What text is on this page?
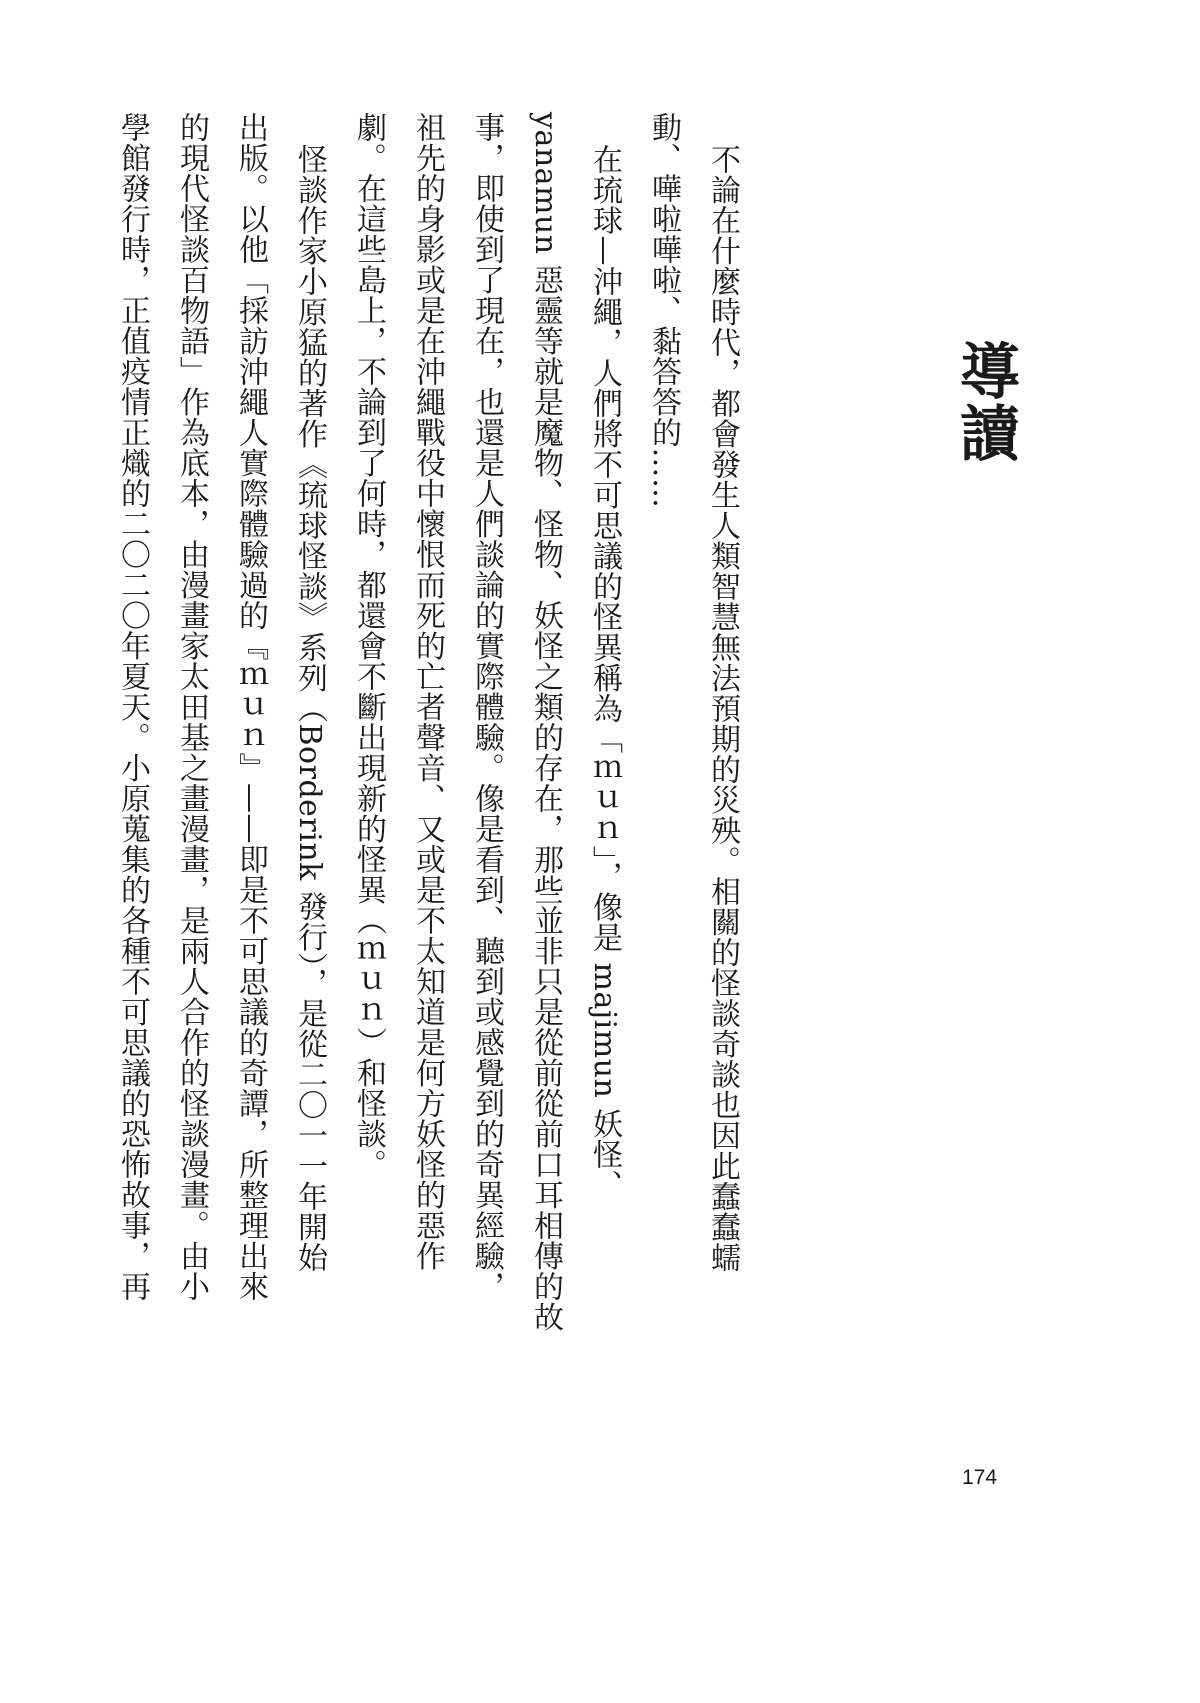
導讀
不論在什麼時代，都會發生人類智慧無法預期的災殃。相關的怪談奇談也因此蠢蠢蠕
動、嘩啦嘩啦、黏答答的……
在琉球—沖繩，人們將不可思議的怪異稱為「ｍｕｎ」，像是 majimun 妖怪、
yanamun 惡靈等就是魔物、怪物、妖怪之類的存在，那些並非只是從前從前口耳相傳的故
事，即使到了現在，也還是人們談論的實際體驗。像是看到、聽到或感覺到的奇異經驗，
祖先的身影或是在沖繩戰役中懷恨而死的亡者聲音、又或是不太知道是何方妖怪的惡作
劇。在這些島上，不論到了何時，都還會不斷出現新的怪異（ｍｕｎ）和怪談。
怪談作家小原猛的著作《琉球怪談》系列（Borderink 發行），是從二〇一一年開始
出版。以他「採訪沖繩人實際體驗過的『ｍｕｎ』——即是不可思議的奇譚，所整理出來
的現代怪談百物語」作為底本，由漫畫家太田基之畫漫畫，是兩人合作的怪談漫畫。由小
學館發行時，正值疫情正熾的二〇二〇年夏天。小原蒐集的各種不可思議的恐怖故事，再
174
